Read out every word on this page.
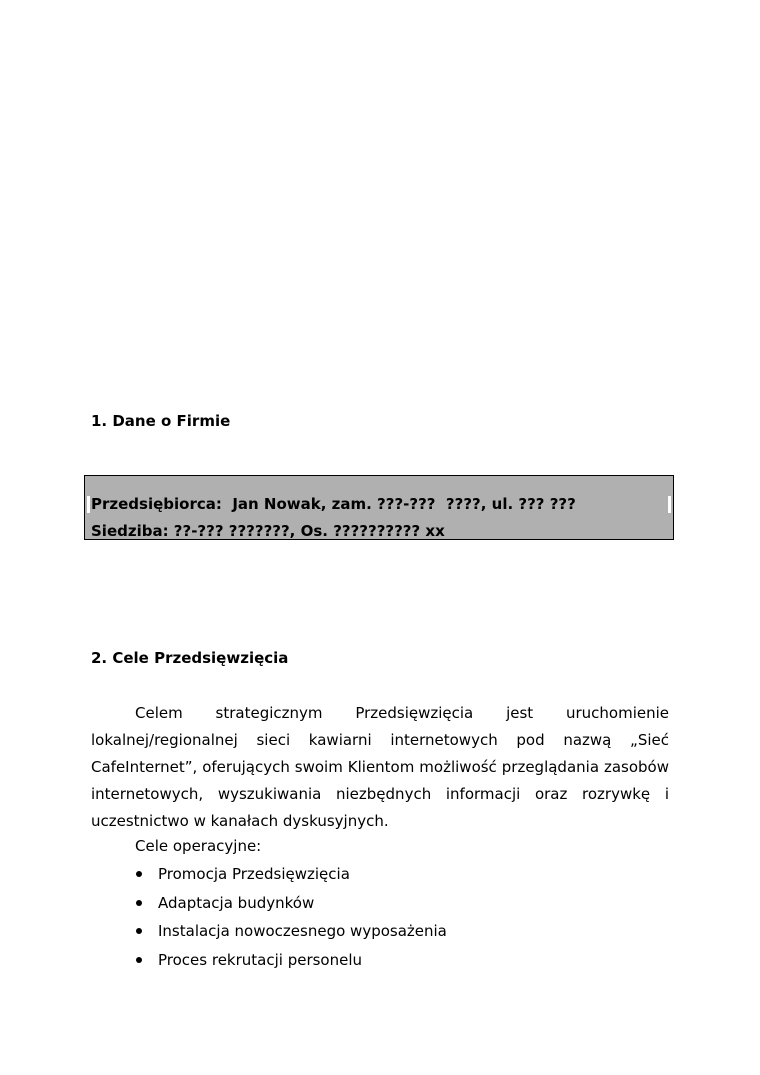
1. Dane o Firmie
Przedsiębiorca:  Jan Nowak, zam. ???-???  ????, ul. ??? ???
Siedziba: ??-??? ???????, Os. ?????????? xx
2. Cele Przedsięwzięcia

Celem strategicznym Przedsięwzięcia jest uruchomienie lokalnej/regionalnej sieci kawiarni internetowych pod nazwą „Sieć CafeInternet”, oferujących swoim Klientom możliwość przeglądania zasobów internetowych, wyszukiwania niezbędnych informacji oraz rozrywkę i uczestnictwo w kanałach dyskusyjnych.

Cele operacyjne:
Promocja Przedsięwzięcia
Adaptacja budynków
Instalacja nowoczesnego wyposażenia
Proces rekrutacji personelu
